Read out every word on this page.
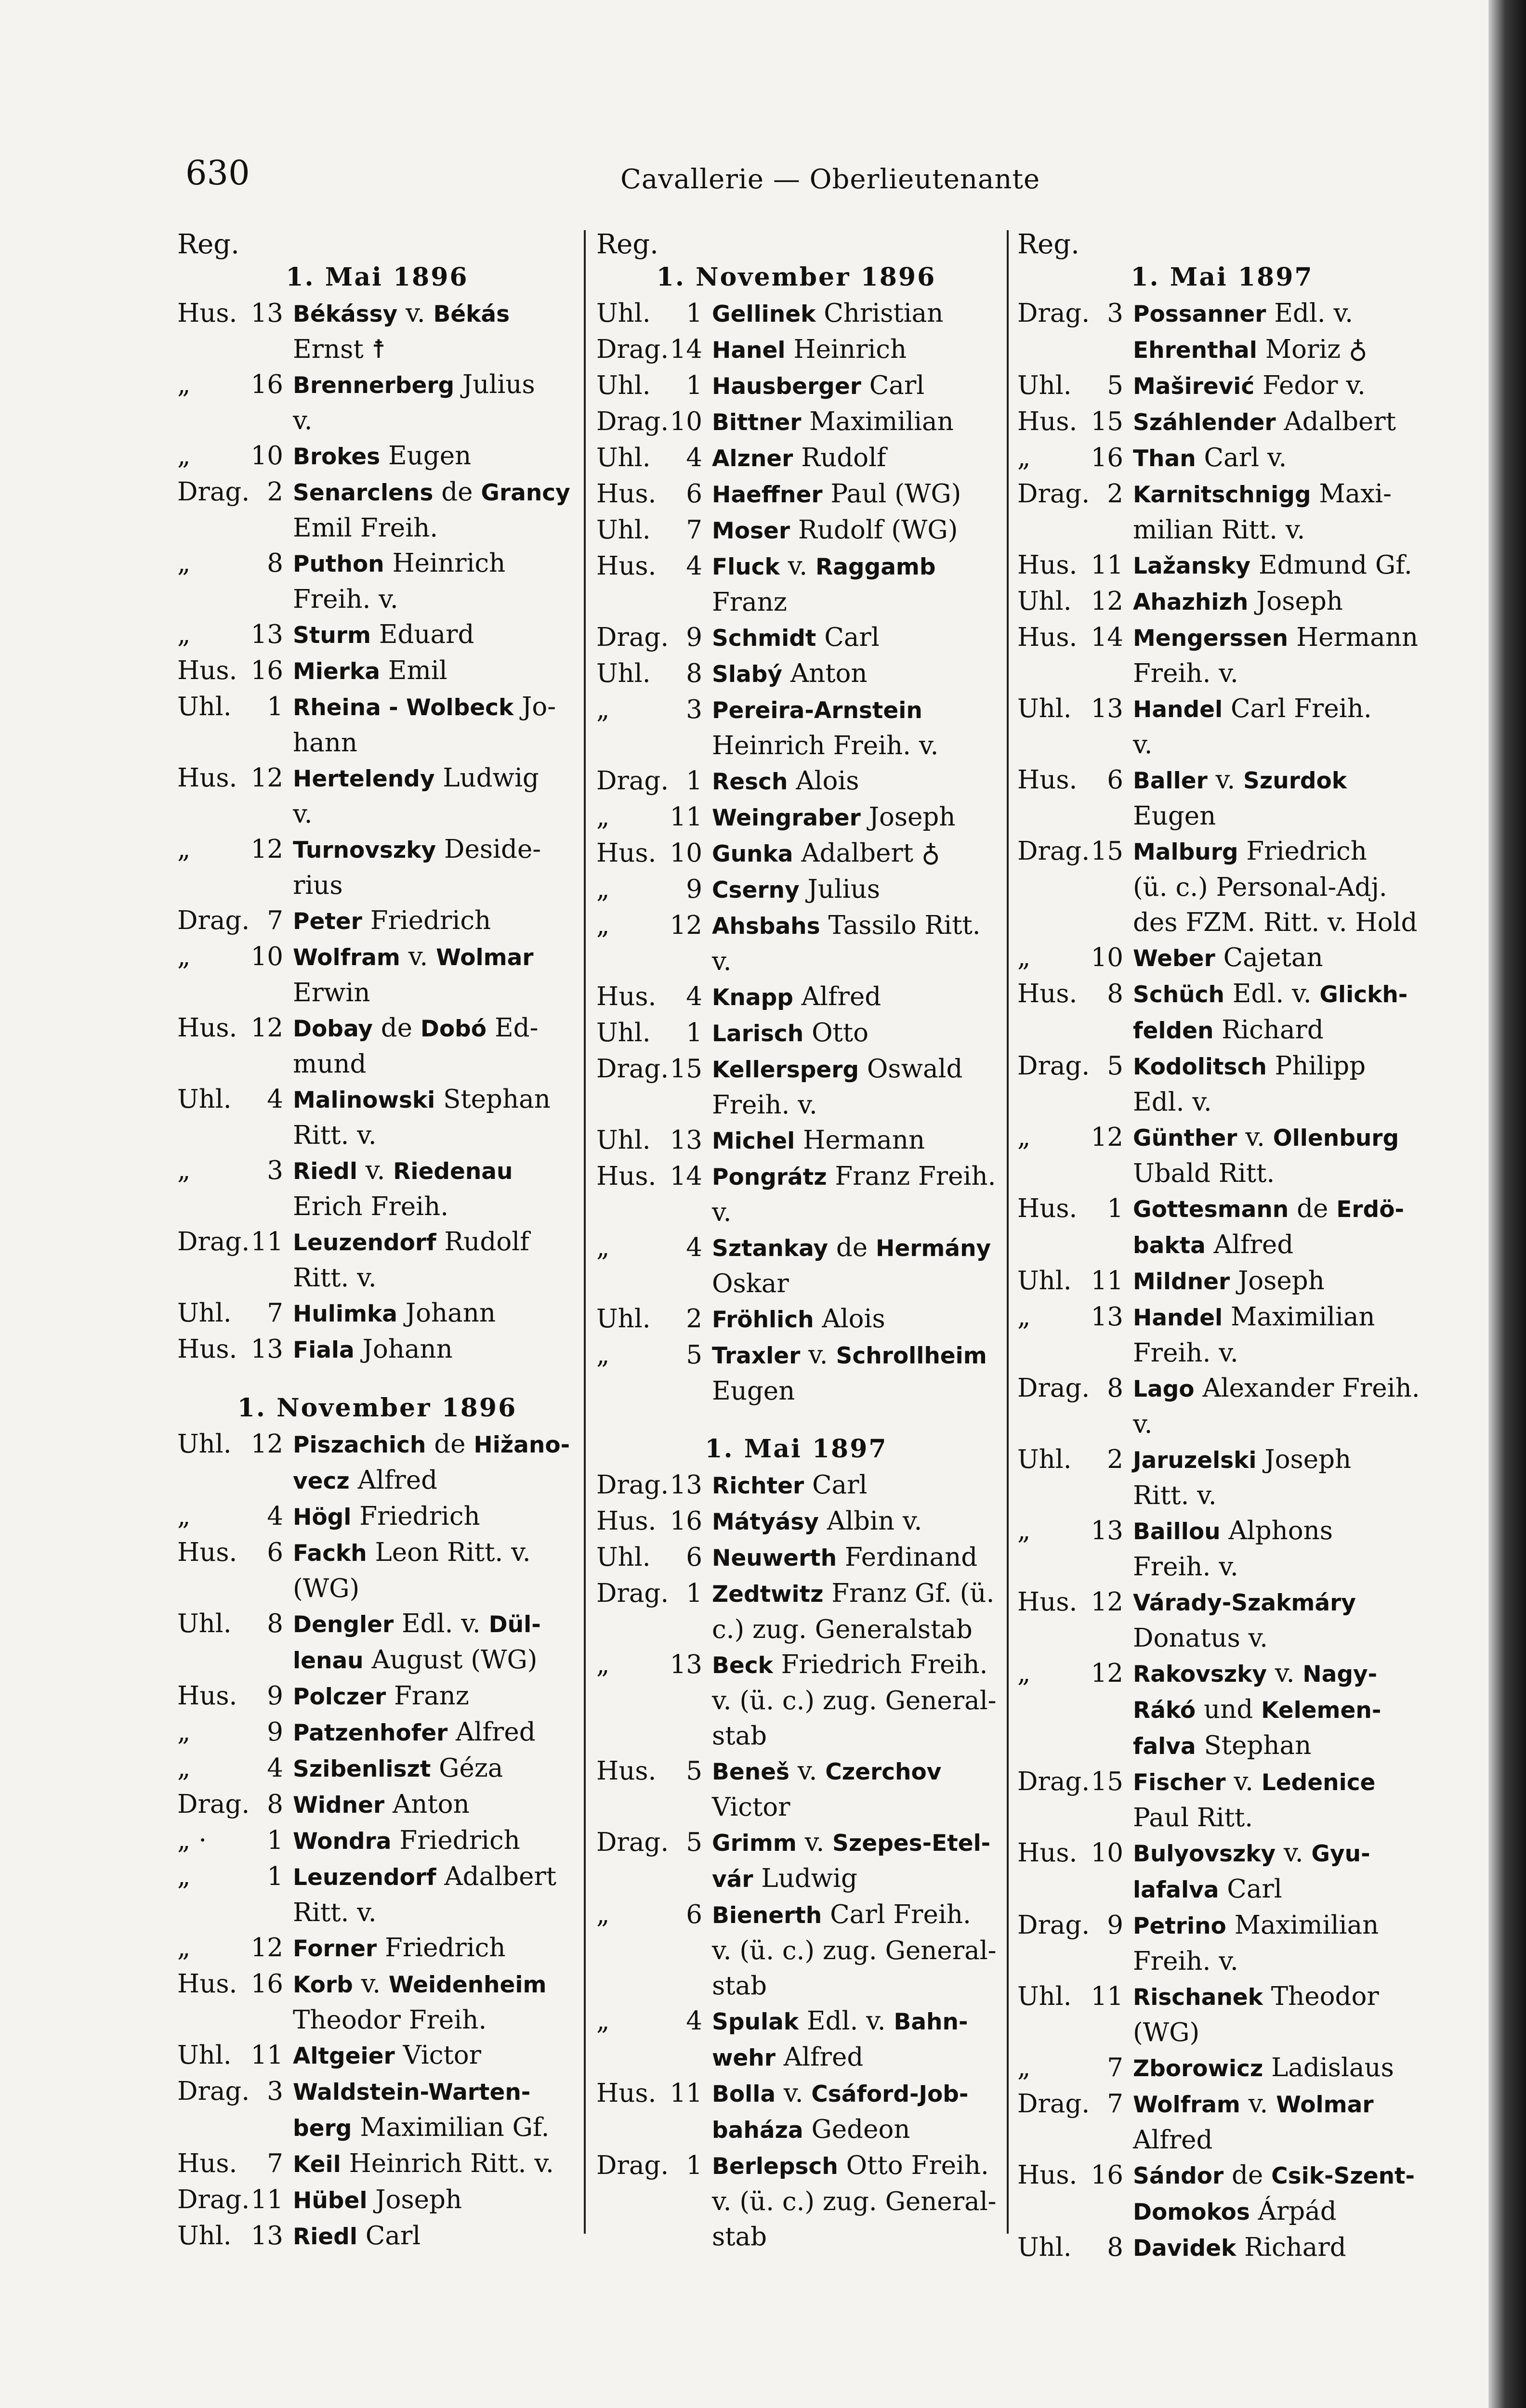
630	Cavallerie — Oberlieutenante
Reg.
1. Mai 1896
Hus. 13 Békássy v. Békás
Ernst ☨
„	16 Brennerberg Julius
v.
„	10 Brokes Eugen
Drag. 2 Senarclens de Grancy
Emil Freih.
„	8 Puthon Heinrich
Freih. v.
„	13 Sturm Eduard
Hus. 16 Mierka Emil
Uhl.	1 Rheina - Wolbeck Jo-
hann
Hus. 12 Hertelendy Ludwig
v.
„	12 Turnovszky Deside-
rius
Drag. 7 Peter Friedrich
„	10 Wolfram v. Wolmar
Erwin
Hus. 12 Dobay de Dobó Ed-
mund
Uhl.	4 Malinowski Stephan
Ritt. v.
„	3 Riedl v. Riedenau
Erich Freih.
Drag. 11 Leuzendorf Rudolf
Ritt. v.
Uhl.	7 Hulimka Johann
Hus. 13 Fiala Johann
1. November 1896
Uhl. 12 Piszachich de Hižano-
vecz Alfred
„	4 Högl Friedrich
Hus.	6 Fackh Leon Ritt. v.
(WG)
Uhl.	8 Dengler Edl. v. Dül-
lenau August (WG)
Hus.	9 Polczer Franz
„	9 Patzenhofer Alfred
„	4 Szibenliszt Géza
Drag. 8 Widner Anton
„ ·	1 Wondra Friedrich
„	1 Leuzendorf Adalbert
Ritt. v.
„	12 Forner Friedrich
Hus. 16 Korb v. Weidenheim
Theodor Freih.
Uhl. 11 Altgeier Victor
Drag. 3 Waldstein-Warten-
berg Maximilian Gf.
Hus.	7 Keil Heinrich Ritt. v.
Drag. 11 Hübel Joseph
Uhl. 13 Riedl Carl
Reg.
1. November 1896
Uhl.	1 Gellinek Christian
Drag. 14 Hanel Heinrich
Uhl.	1 Hausberger Carl
Drag. 10 Bittner Maximilian
Uhl.	4 Alzner Rudolf
Hus.	6 Haeffner Paul (WG)
Uhl.	7 Moser Rudolf (WG)
Hus.	4 Fluck v. Raggamb
Franz
Drag. 9 Schmidt Carl
Uhl.	8 Slabý Anton
„	3 Pereira-Arnstein
Heinrich Freih. v.
Drag. 1 Resch Alois
„	11 Weingraber Joseph
Hus. 10 Gunka Adalbert ♁
„	9 Cserny Julius
„	12 Ahsbahs Tassilo Ritt.
v.
Hus.	4 Knapp Alfred
Uhl.	1 Larisch Otto
Drag. 15 Kellersperg Oswald
Freih. v.
Uhl. 13 Michel Hermann
Hus. 14 Pongrátz Franz Freih.
v.
„	4 Sztankay de Hermány
Oskar
Uhl.	2 Fröhlich Alois
„	5 Traxler v. Schrollheim
Eugen
1. Mai 1897
Drag. 13 Richter Carl
Hus. 16 Mátyásy Albin v.
Uhl.	6 Neuwerth Ferdinand
Drag. 1 Zedtwitz Franz Gf. (ü.
c.) zug. Generalstab
„	13 Beck Friedrich Freih.
v. (ü. c.) zug. General-
stab
Hus.	5 Beneš v. Czerchov
Victor
Drag. 5 Grimm v. Szepes-Etel-
vár Ludwig
„	6 Bienerth Carl Freih.
v. (ü. c.) zug. General-
stab
„	4 Spulak Edl. v. Bahn-
wehr Alfred
Hus. 11 Bolla v. Csáford-Job-
baháza Gedeon
Drag. 1 Berlepsch Otto Freih.
v. (ü. c.) zug. General-
stab
Reg.
1. Mai 1897
Drag. 3 Possanner Edl. v.
Ehrenthal Moriz ♁
Uhl.	5 Maširević Fedor v.
Hus. 15 Száhlender Adalbert
„	16 Than Carl v.
Drag. 2 Karnitschnigg Maxi-
milian Ritt. v.
Hus. 11 Lažansky Edmund Gf.
Uhl. 12 Ahazhizh Joseph
Hus. 14 Mengerssen Hermann
Freih. v.
Uhl. 13 Handel Carl Freih.
v.
Hus.	6 Baller v. Szurdok
Eugen
Drag. 15 Malburg Friedrich
(ü. c.) Personal-Adj.
des FZM. Ritt. v. Hold
„	10 Weber Cajetan
Hus.	8 Schüch Edl. v. Glickh-
felden Richard
Drag. 5 Kodolitsch Philipp
Edl. v.
„	12 Günther v. Ollenburg
Ubald Ritt.
Hus.	1 Gottesmann de Erdö-
bakta Alfred
Uhl. 11 Mildner Joseph
„	13 Handel Maximilian
Freih. v.
Drag. 8 Lago Alexander Freih.
v.
Uhl.	2 Jaruzelski Joseph
Ritt. v.
„	13 Baillou Alphons
Freih. v.
Hus. 12 Várady-Szakmáry
Donatus v.
„	12 Rakovszky v. Nagy-
Rákó und Kelemen-
falva Stephan
Drag. 15 Fischer v. Ledenice
Paul Ritt.
Hus. 10 Bulyovszky v. Gyu-
lafalva Carl
Drag. 9 Petrino Maximilian
Freih. v.
Uhl. 11 Rischanek Theodor
(WG)
„	7 Zborowicz Ladislaus
Drag. 7 Wolfram v. Wolmar
Alfred
Hus. 16 Sándor de Csik-Szent-
Domokos Árpád
Uhl.	8 Davidek Richard
